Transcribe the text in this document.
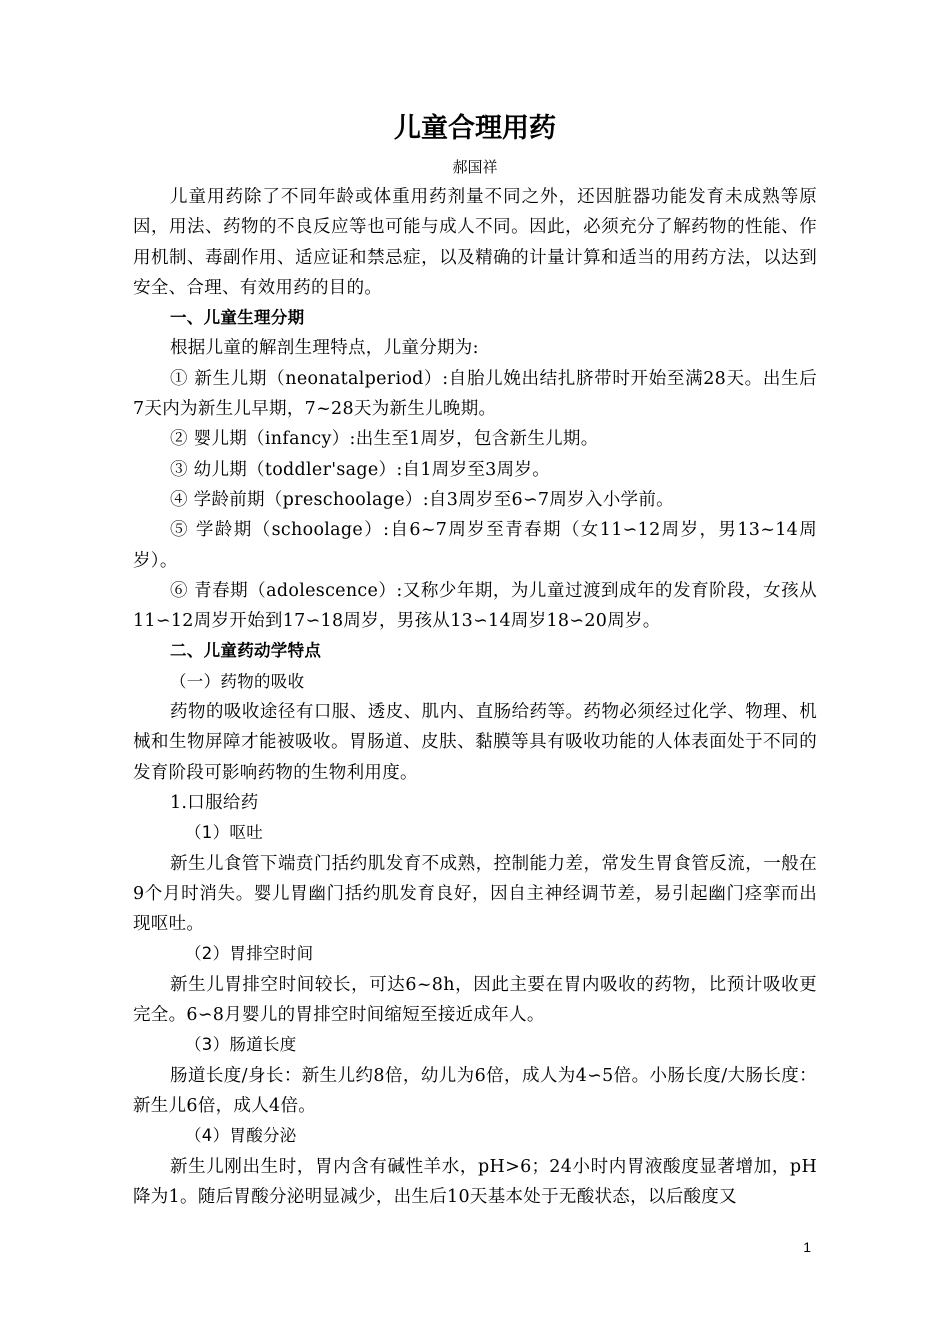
儿童合理用药
郝国祥

儿童用药除了不同年龄或体重用药剂量不同之外，还因脏器功能发育未成熟等原因，用法、药物的不良反应等也可能与成人不同。因此，必须充分了解药物的性能、作用机制、毒副作用、适应证和禁忌症，以及精确的计量计算和适当的用药方法，以达到安全、合理、有效用药的目的。

一、儿童生理分期

根据儿童的解剖生理特点，儿童分期为:

① 新生儿期（neonatalperiod）:自胎儿娩出结扎脐带时开始至满28天。出生后7天内为新生儿早期，7~28天为新生儿晚期。

② 婴儿期（infancy）:出生至1周岁，包含新生儿期。

③ 幼儿期（toddler'sage）:自1周岁至3周岁。

④ 学龄前期（preschoolage）:自3周岁至6∽7周岁入小学前。

⑤ 学龄期（schoolage）:自6~7周岁至青春期（女11∽12周岁，男13~14周岁）。

⑥ 青春期（adolescence）:又称少年期，为儿童过渡到成年的发育阶段，女孩从11∽12周岁开始到17∽18周岁，男孩从13∽14周岁18∽20周岁。

二、儿童药动学特点

（一）药物的吸收

药物的吸收途径有口服、透皮、肌内、直肠给药等。药物必须经过化学、物理、机械和生物屏障才能被吸收。胃肠道、皮肤、黏膜等具有吸收功能的人体表面处于不同的发育阶段可影响药物的生物利用度。

1.口服给药

（1）呕吐

新生儿食管下端贲门括约肌发育不成熟，控制能力差，常发生胃食管反流，一般在9个月时消失。婴儿胃幽门括约肌发育良好，因自主神经调节差，易引起幽门痉挛而出现呕吐。

（2）胃排空时间

新生儿胃排空时间较长，可达6~8h，因此主要在胃内吸收的药物，比预计吸收更完全。6∽8月婴儿的胃排空时间缩短至接近成年人。

（3）肠道长度

肠道长度/身长：新生儿约8倍，幼儿为6倍，成人为4∽5倍。小肠长度/大肠长度：新生儿6倍，成人4倍。

（4）胃酸分泌

新生儿刚出生时，胃内含有碱性羊水，pH>6；24小时内胃液酸度显著增加，pH降为1。随后胃酸分泌明显减少，出生后10天基本处于无酸状态，以后酸度又

1
